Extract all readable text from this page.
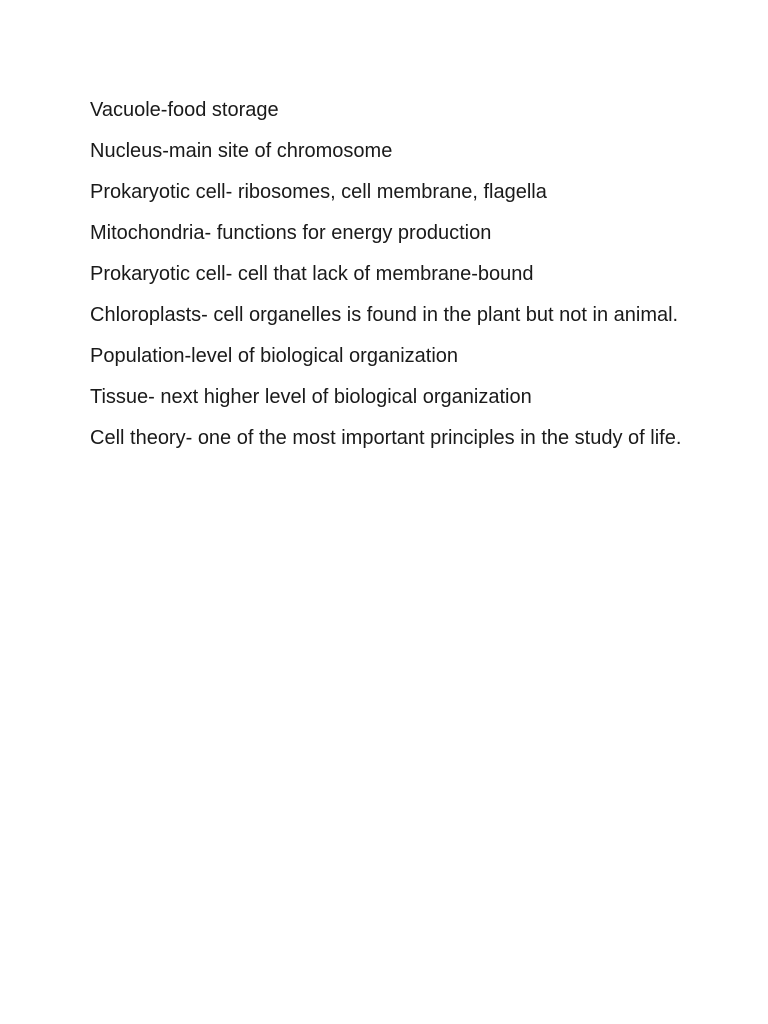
Vacuole-food storage

Nucleus-main site of chromosome

Prokaryotic cell- ribosomes, cell membrane, flagella

Mitochondria- functions for energy production

Prokaryotic cell- cell that lack of membrane-bound

Chloroplasts- cell organelles is found in the plant but not in animal.

Population-level of biological organization

Tissue- next higher level of biological organization

Cell theory- one of the most important principles in the study of life.
